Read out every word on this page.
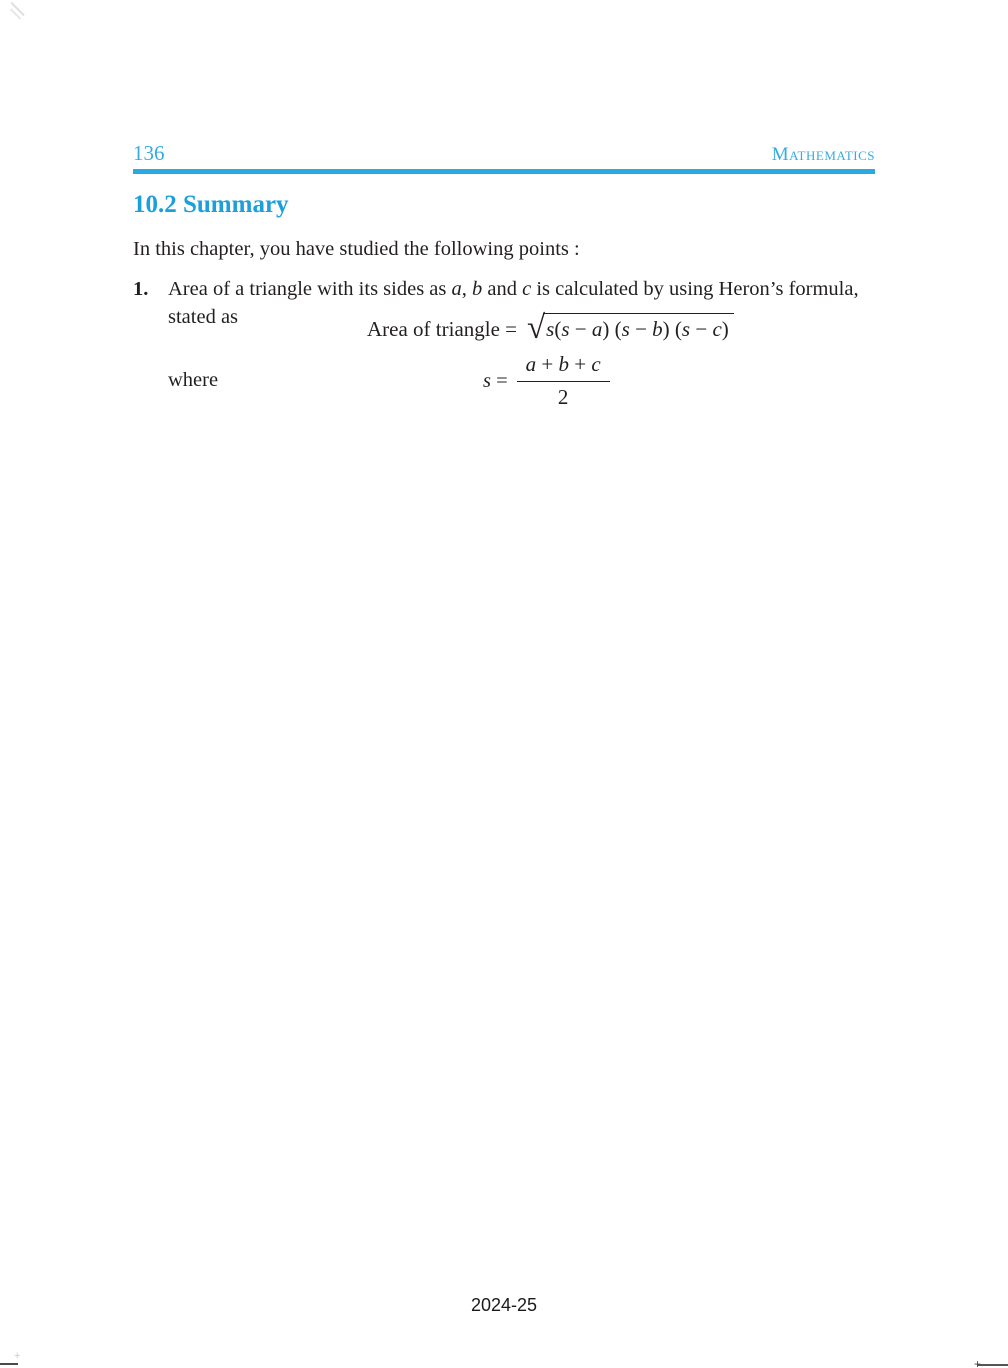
136	Mathematics
10.2 Summary

In this chapter, you have studied the following points :

1. Area of a triangle with its sides as a, b and c is calculated by using Heron’s formula,
stated as	Area of triangle = √ s(s − a) (s − b) (s − c)
where	$s = \frac{a + b + c}{2}$
2024-25
+
+
